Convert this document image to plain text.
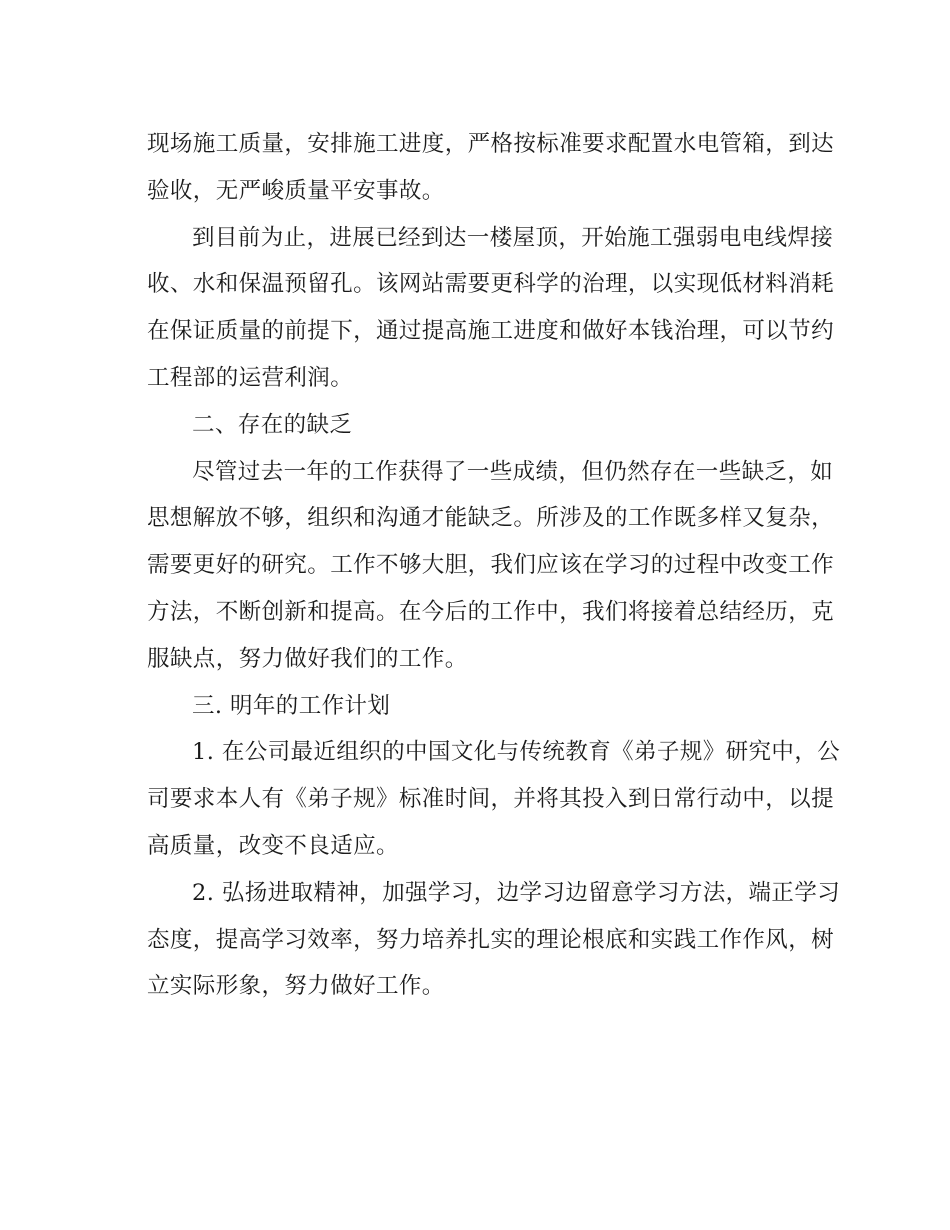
现场施工质量，安排施工进度，严格按标准要求配置水电管箱，到达
验收，无严峻质量平安事故。
到目前为止，进展已经到达一楼屋顶，开始施工强弱电电线焊接
收、水和保温预留孔。该网站需要更科学的治理，以实现低材料消耗
在保证质量的前提下，通过提高施工进度和做好本钱治理，可以节约
工程部的运营利润。
二、存在的缺乏
尽管过去一年的工作获得了一些成绩，但仍然存在一些缺乏，如
思想解放不够，组织和沟通才能缺乏。所涉及的工作既多样又复杂，
需要更好的研究。工作不够大胆，我们应该在学习的过程中改变工作
方法，不断创新和提高。在今后的工作中，我们将接着总结经历，克
服缺点，努力做好我们的工作。
三. 明年的工作计划
1. 在公司最近组织的中国文化与传统教育《弟子规》研究中，公
司要求本人有《弟子规》标准时间，并将其投入到日常行动中，以提
高质量，改变不良适应。
2. 弘扬进取精神，加强学习，边学习边留意学习方法，端正学习
态度，提高学习效率，努力培养扎实的理论根底和实践工作作风，树
立实际形象，努力做好工作。
